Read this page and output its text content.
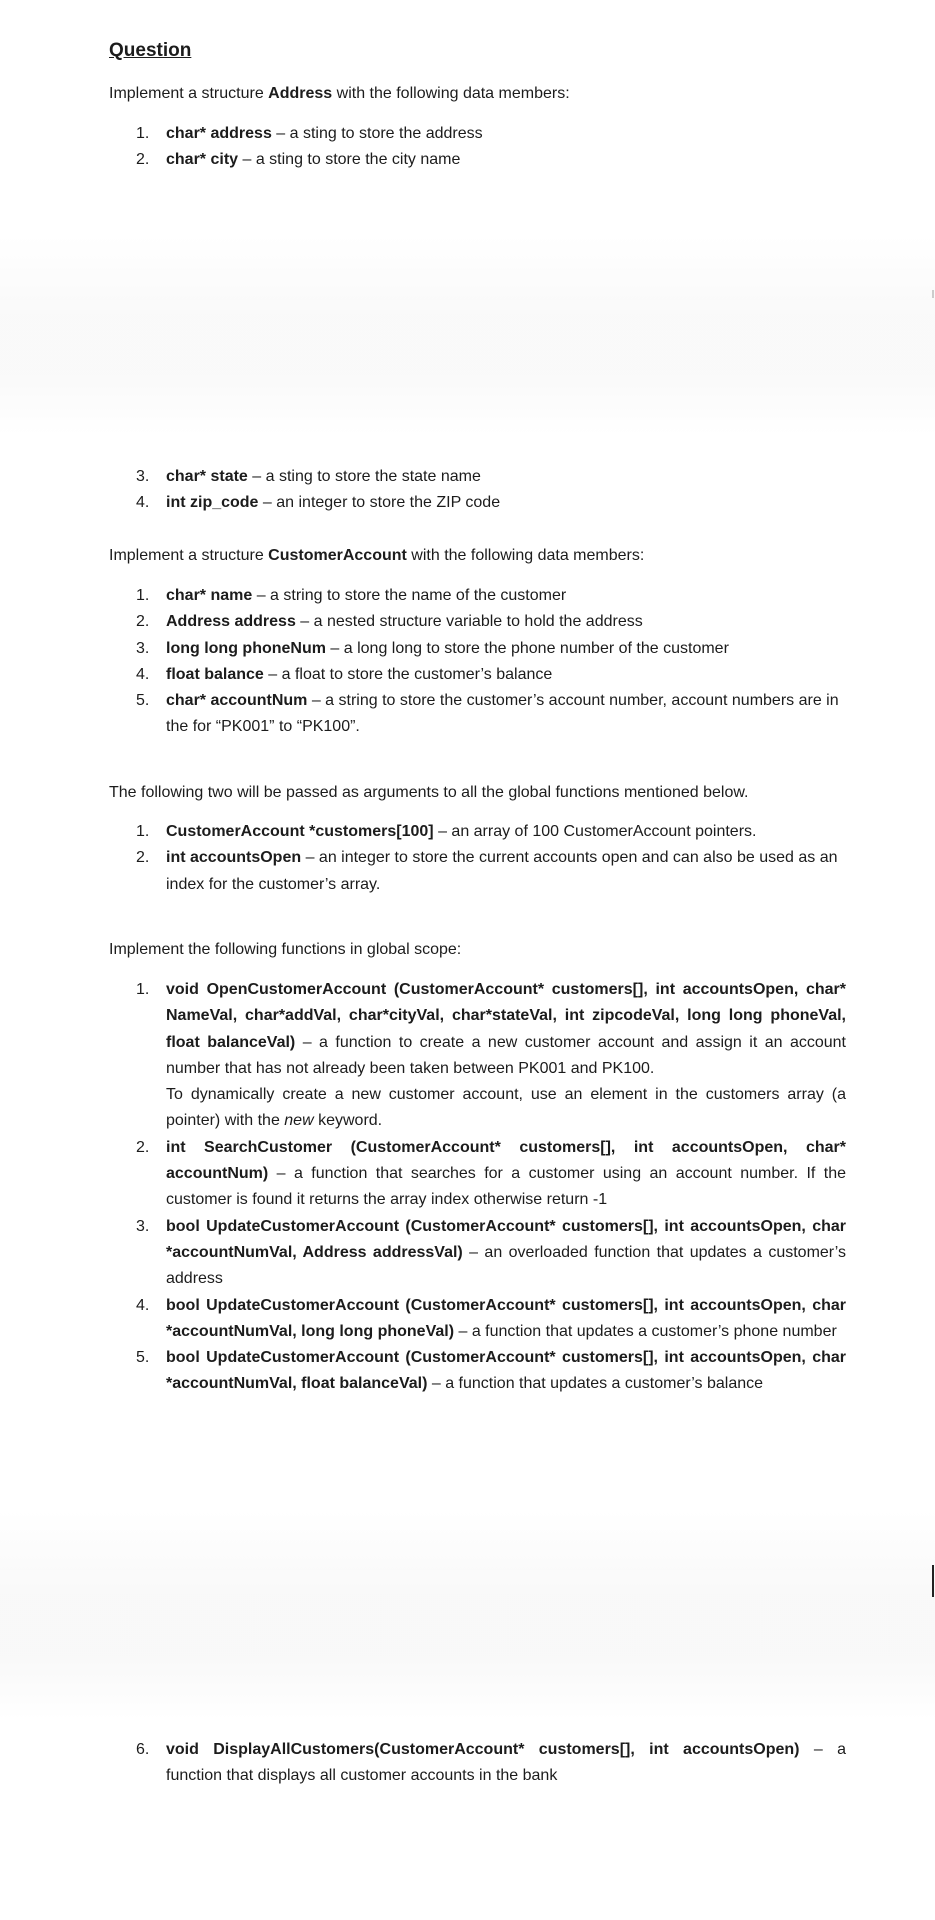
Question

Implement a structure Address with the following data members:

1. char* address – a sting to store the address
2. char* city – a sting to store the city name
3. char* state – a sting to store the state name
4. int zip_code – an integer to store the ZIP code

Implement a structure CustomerAccount with the following data members:

1. char* name – a string to store the name of the customer
2. Address address – a nested structure variable to hold the address
3. long long phoneNum – a long long to store the phone number of the customer
4. float balance – a float to store the customer’s balance
5. char* accountNum – a string to store the customer’s account number, account numbers are in the for “PK001” to “PK100”.

The following two will be passed as arguments to all the global functions mentioned below.

1. CustomerAccount *customers[100] – an array of 100 CustomerAccount pointers.
2. int accountsOpen – an integer to store the current accounts open and can also be used as an index for the customer’s array.

Implement the following functions in global scope:

1. void OpenCustomerAccount (CustomerAccount* customers[], int accountsOpen, char* NameVal, char*addVal, char*cityVal, char*stateVal, int zipcodeVal, long long phoneVal, float balanceVal) – a function to create a new customer account and assign it an account number that has not already been taken between PK001 and PK100.
To dynamically create a new customer account, use an element in the customers array (a pointer) with the new keyword.
2. int SearchCustomer (CustomerAccount* customers[], int accountsOpen, char* accountNum) – a function that searches for a customer using an account number. If the customer is found it returns the array index otherwise return -1
3. bool UpdateCustomerAccount (CustomerAccount* customers[], int accountsOpen, char *accountNumVal, Address addressVal) – an overloaded function that updates a customer’s address
4. bool UpdateCustomerAccount (CustomerAccount* customers[], int accountsOpen, char *accountNumVal, long long phoneVal) – a function that updates a customer’s phone number
5. bool UpdateCustomerAccount (CustomerAccount* customers[], int accountsOpen, char *accountNumVal, float balanceVal) – a function that updates a customer’s balance
6. void DisplayAllCustomers(CustomerAccount* customers[], int accountsOpen) – a function that displays all customer accounts in the bank
